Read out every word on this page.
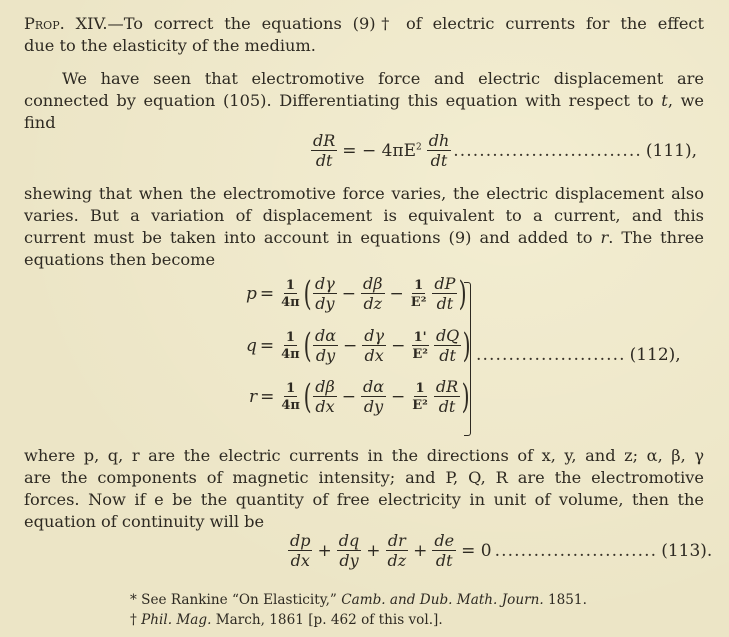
Prop. XIV.—To correct the equations (9)† of electric currents for the effect
due to the elasticity of the medium.
We have seen that electromotive force and electric displacement are
connected by equation (105). Differentiating this equation with respect to t, we
find
$\frac{dR}{dt}$ = − $4\pi E^2 \frac{dh}{dt}$ ............................. (111),
shewing that when the electromotive force varies, the electric displacement also
varies. But a variation of displacement is equivalent to a current, and this
current must be taken into account in equations (9) and added to r. The three
equations then become
$p = \frac{1}{4\pi}$ ( $\frac{d\gamma}{dy} - \frac{d\beta}{dz} - \frac{1}{\text{E²}} \frac{dP}{dt}$ )
$q = \frac{1}{4\pi}$ ( $\frac{d\alpha}{dy} - \frac{d\gamma}{dx} - \frac{1'}{\text{E²}} \frac{dQ}{dt}$ )
$r = \frac{1}{4\pi}$ ( $\frac{d\beta}{dx} - \frac{d\alpha}{dy} - \frac{1}{\text{E²}} \frac{dR}{dt}$ )
....................... (112),
where p, q, r are the electric currents in the directions of x, y, and z; α, β, γ
are the components of magnetic intensity; and P, Q, R are the electromotive
forces. Now if e be the quantity of free electricity in unit of volume, then the
equation of continuity will be
$\frac{dp}{dx} + \frac{dq}{dy} + \frac{dr}{dz} + \frac{de}{dt} = 0$ ......................... (113).
* See Rankine “On Elasticity,” Camb. and Dub. Math. Journ. 1851.
† Phil. Mag. March, 1861 [p. 462 of this vol.].
